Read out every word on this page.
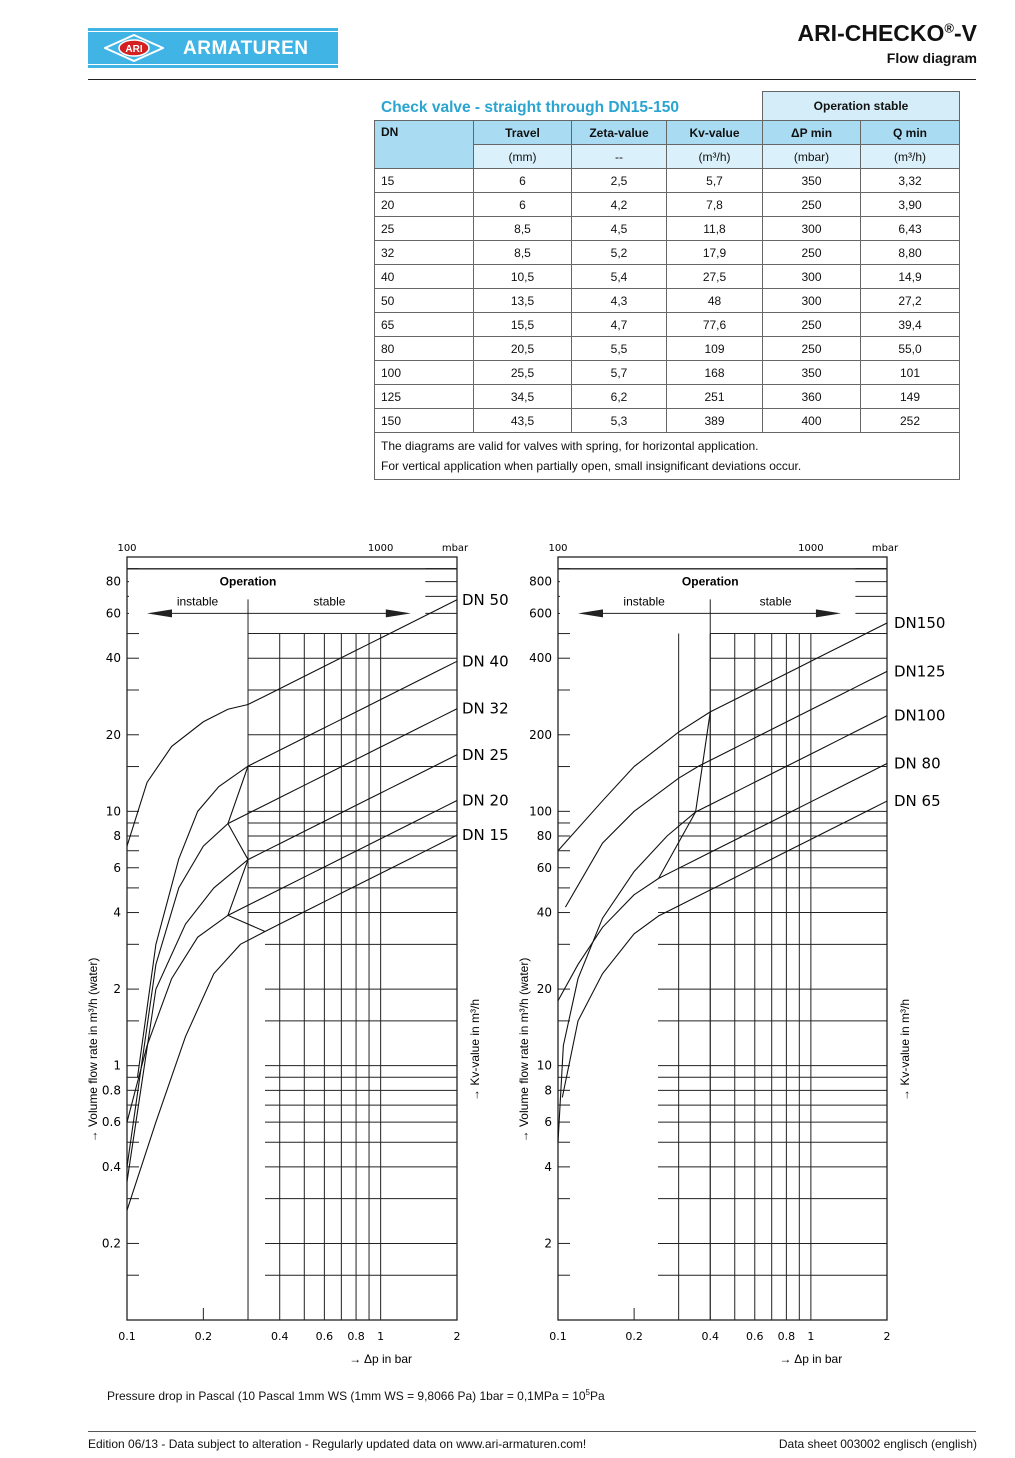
ARI ARMATUREN
ARI-CHECKO®-V
Flow diagram
				Operation stable	
DN	Travel	Zeta-value	Kv-value	ΔP min	Q min
	(mm)	--	(m³/h)	(mbar)	(m³/h)
15	6	2,5	5,7	350	3,32
20	6	4,2	7,8	250	3,90
25	8,5	4,5	11,8	300	6,43
32	8,5	5,2	17,9	250	8,80
40	10,5	5,4	27,5	300	14,9
50	13,5	4,3	48	300	27,2
65	15,5	4,7	77,6	250	39,4
80	20,5	5,5	109	250	55,0
100	25,5	5,7	168	350	101
125	34,5	6,2	251	360	149
150	43,5	5,3	389	400	252

The diagrams are valid for valves with spring, for horizontal application.
For vertical application when partially open, small insignificant deviations occur.					
Check valve - straight through DN15-150
Operation
instable	stable
80
60
40
20
10
8
6
4
2
1
0.8
0.6
0.4
0.2
0.1	0.2	0.4 0.6 0.8 1	2
100	1000	mbar
→ Δp in bar
→ Volume flow rate in m³/h (water)	→ Kv-value in m³/h
DN 50
DN 40
DN 32
DN 25
DN 20
DN 15
Operation
instable	stable
800
600
400
200
100
80
60
40
20
10
8
6
4
2
0.1	0.2	0.4 0.6 0.8 1	2
100	1000	mbar
→ Δp in bar
→ Volume flow rate in m³/h (water)	→ Kv-value in m³/h
DN150
DN125
DN100
DN 80
DN 65
Pressure drop in Pascal (10 Pascal 1mm WS (1mm WS = 9,8066 Pa) $1bar = 0,1MPa = 10^5Pa$
Edition 06/13 - Data subject to alteration - Regularly updated data on www.ari-armaturen.com!	Data sheet 003002 englisch (english)
